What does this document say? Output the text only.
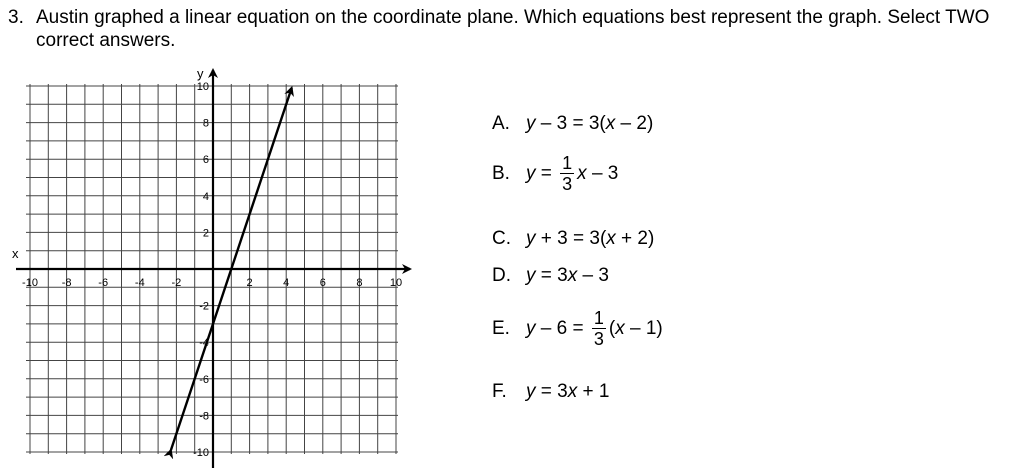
3. Austin graphed a linear equation on the coordinate plane. Which equations best represent the graph. Select TWO correct answers.
x
y
-10 -8 -6 -4 -2	2	4	6	8 10
10
8
6
4
2
-2
-4
-6
-8
-10
A. y – 3 = 3(x – 2)
B. $y = \frac{1}{3}$ x – 3
C. y + 3 = 3(x + 2)
D. y = 3x – 3
E. $y - 6 = \frac{1}{3}$ ( x – 1)
F.	y = 3x + 1
